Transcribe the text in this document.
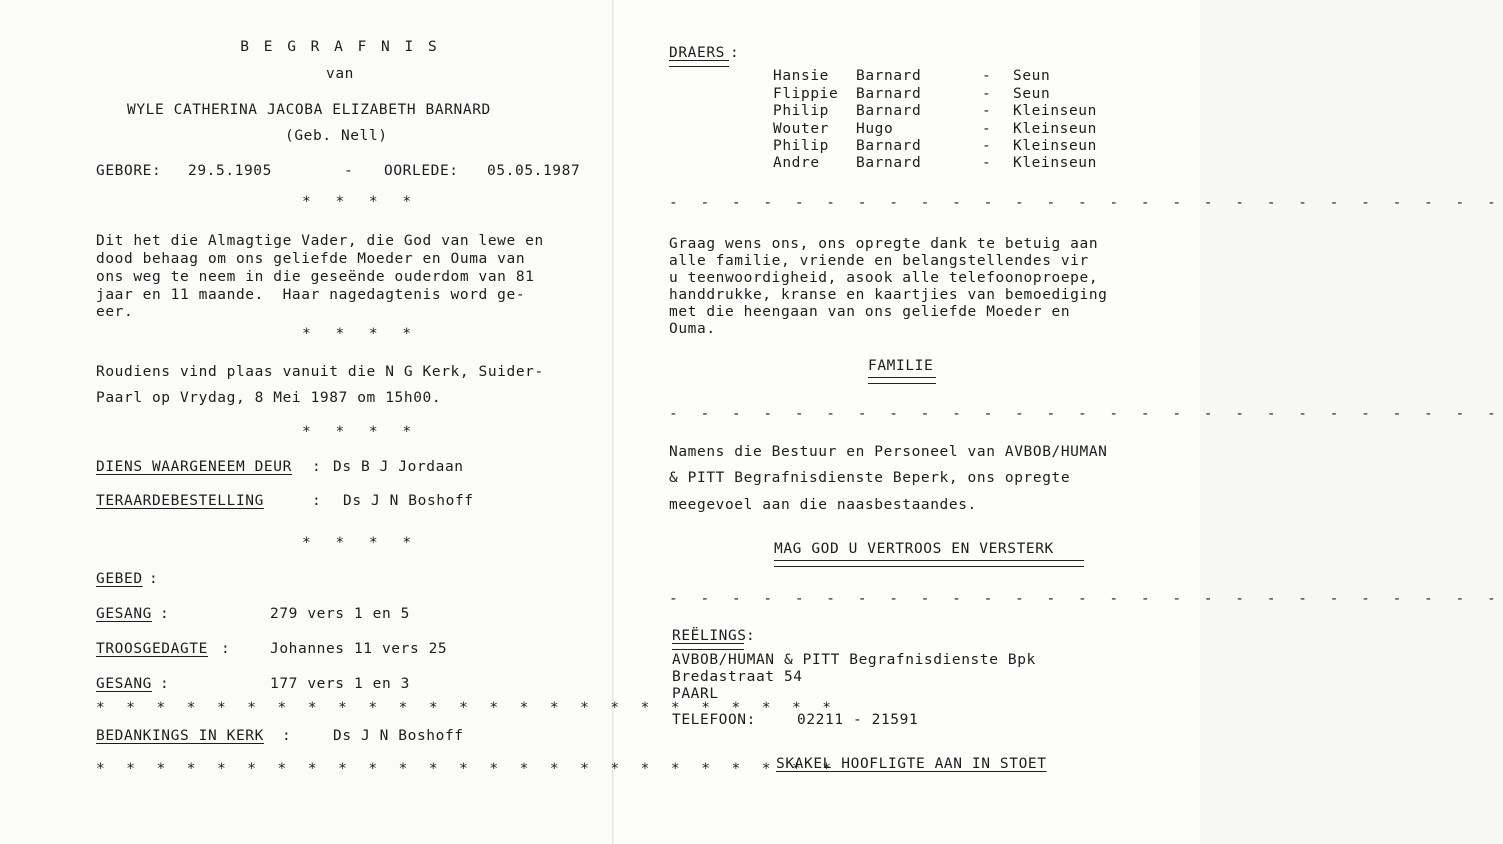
B E G R A F N I S
van
WYLE CATHERINA JACOBA ELIZABETH BARNARD
(Geb. Nell)
GEBORE: 29.5.1905	- OORLEDE: 05.05.1987
* * * *
Dit het die Almagtige Vader, die God van lewe en
dood behaag om ons geliefde Moeder en Ouma van
ons weg te neem in die geseënde ouderdom van 81
jaar en 11 maande.  Haar nagedagtenis word ge-
eer.
* * * *
Roudiens vind plaas vanuit die N G Kerk, Suider-
Paarl op Vrydag, 8 Mei 1987 om 15h00.
* * * *
DIENS WAARGENEEM DEUR : Ds B J Jordaan
TERAARDEBESTELLING	: Ds J N Boshoff
* * * *
GEBED :
GESANG :	279 vers 1 en 5
TROOSGEDAGTE :	Johannes 11 vers 25
GESANG :	177 vers 1 en 3
* * * * * * * * * * * * * * * * * * * * * * * * *
BEDANKINGS IN KERK :	Ds J N Boshoff
* * * * * * * * * * * * * * * * * * * * * * * * *
DRAERS :
Hansie Barnard	- Seun
Flippie Barnard	- Seun
Philip Barnard	- Kleinseun
Wouter Hugo	- Kleinseun
Philip Barnard	- Kleinseun
Andre	Barnard	- Kleinseun
- - - - - - - - - - - - - - - - - - - - - - - - - - -
Graag wens ons, ons opregte dank te betuig aan
alle familie, vriende en belangstellendes vir
u teenwoordigheid, asook alle telefoonoproepe,
handdrukke, kranse en kaartjies van bemoediging
met die heengaan van ons geliefde Moeder en
Ouma.
FAMILIE
- - - - - - - - - - - - - - - - - - - - - - - - - - -
Namens die Bestuur en Personeel van AVBOB/HUMAN
& PITT Begrafnisdienste Beperk, ons opregte
meegevoel aan die naasbestaandes.
MAG GOD U VERTROOS EN VERSTERK
- - - - - - - - - - - - - - - - - - - - - - - - - - -
REËLINGS :
AVBOB/HUMAN & PITT Begrafnisdienste Bpk
Bredastraat 54
PAARL
TELEFOON:	02211 - 21591
SKAKEL HOOFLIGTE AAN IN STOET
